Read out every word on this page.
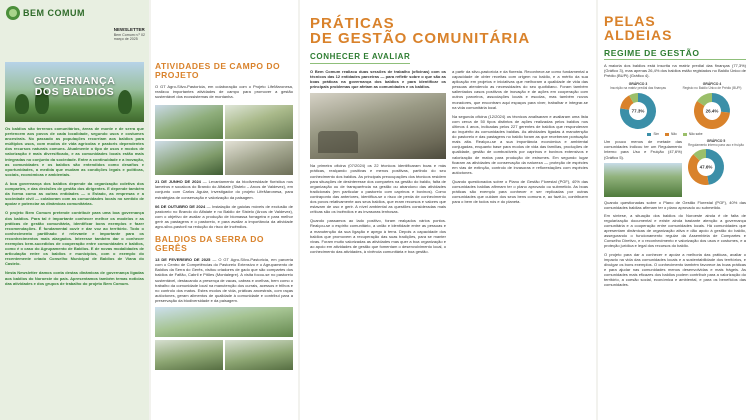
BEM COMUM
NEWSLETTER
Bem Comum n.º 02
março de 2025
GOVERNANÇA
DOS BALDIOS

Os baldios são terrenos comunitários, áreas de monte e de serra que pertencem aos povos de cada localidade, segundo usos e costumes ancestrais. No passado as populações recorriam aos baldios para múltiplos usos, com modos de vida agrícolas e pastoris dependentes dos recursos naturais comuns. Atualmente o tipo de usos e modos de valorização é mais diversificado, e as comunidades locais estão mais integradas no conjunto da sociedade. Entre a continuidade e a inovação, as comunidades e os baldios são entendidos como desafios e oportunidades, a medida que mudam as condições legais e políticas, sociais, económicas e ambientais.

A boa governança dos baldios depende da organização coletiva dos compartes, e das decisões de gestão dos dirigentes. E depende também da forma como as outras entidades — o Estado, as empresas e a sociedade civil — colaboram com as comunidades locais no sentido de apoiar e potenciar as dinâmicas comunitárias.

O projeto Bem Comum pretende contribuir para uma boa governança dos baldios. Para tal é importante conhecer melhor os modelos e as práticas de gestão comunitária, identificar bons exemplos e fazer recomendações. É fundamental ouvir e dar voz ao território. Todo o conhecimento partilhado é relevante e importante para os reconhecimentos mais alargados. Interesse também dar o conhecer exemplos bem-sucedidos de cooperação entre comunidades e baldios, como é o caso do Agrupamento de Baldios. E de novas modalidades de articulação entre os baldios e municípios, com o exemplo do recentemente criado Conselho Municipal de Baldios de Viana do Castelo.

Nesta Newsletter damos conta destas dinâmicas de governança ligadas aos baldios do Noroeste do país. Apresentamos também temas noticias das atividades e dos grupos de trabalho do projeto Bem Comum.

ATIVIDADES DE CAMPO DO PROJETO

O GT Agro-Silvo-Pastoricia, em colaboração com o Projeto LifeMaronesa, realizou importantes atividades de campo para promover a gestão sustentável dos ecossistemas de montanha.

21 DE JUNHO DE 2024 — Levantamento da biodiversidade florística nos lameiros e socalcos do Brando do Alfaiate (Sistelo – Arcos de Valdevez), em conjunto com Carlos Aguiar, investigador do projeto LifeMaronesa, para estratégias de conservação e valorização da paisagem.

06 DE OUTUBRO DE 2024 — Instalação de gaiolas móveis de exclusão de pastoreio no Brando do Alfaiate e no Baldio de Sistelo (Arcos de Valdevez), com o objetivo de avaliar a produção de biomassa forrageira e para melhor gerir as pastagens e o pastoreio, e para avaliar a importância da atividade agro-silvo-pastoril na redução do risco de incêndios.

BALDIOS DA SERRA DO GERÊS

13 DE FEVEREIRO DE 2025 — O GT Agro-Silvo-Pastoricia, em parceria com o Centro de Competências do Pastoreio Extensivo e o Agrupamento de Baldios da Serra do Gerês, visitou criadores de gado que são compartes dos baldios de Fafião, Cabril e Pitões (Montalegre). A visita focou-se no pastoreio sustentável, destacando a presença de vacas, cabras e ovelhas, bem como o trabalho da comunidade local na manutenção dos currais, acessos e trilhos e no controlo dos matos. Estes modos de vida, práticas ancestrais, com raças autóctones, geram alimentos de qualidade à comunidade e contribui para a preservação da biodiversidade e da paisagem.

PRÁTICAS
DE GESTÃO COMUNITÁRIA
CONHECER E AVALIAR

O Bem Comum realizou duas sessões de trabalho (oficinas) com os técnicos das 12 entidades parceiras — para refletir sobre o que são as boas práticas na governança dos baldios e para identificar os principais problemas que afetam as comunidades e os baldios.

Na primeira oficina (07/2024) os 22 técnicos identificaram boas e más práticas, realçando positivas e menos positivas, partindo do seu conhecimento dos baldios. As principais preocupações dos técnicos residem para situações de desinteresse dos compartes na gestão do baldio, falta de organização ou de transparência na gestão ou abandono das atividades tradicionais (em particular o pastoreio com caprinos e bovinos). Como contraponto das anteriores, identifica-se o risco de perda de conhecimento dos povos relativamente aos seus baldios, que eram recursos e valores que estavam de uso e gerir. A nível ambiental as questões consideradas mais críticas são os incêndios e as invasoras lenhosas.

Quando passamos ao lado positivo, foram realçados vários pontos. Realçou-se o espírito comunitário, a união e identidade entre as pessoas e a manutenção da sua ligação e apego à terra. Depois a capacidade dos baldios que promovem a recuperação das suas tradições, para se manter vivas. Foram muito valorizadas as atividades mas quer a boa organização e ao apoio em atividades de gestão que fomentam o desenvolvimento local, o conhecimento das atividades, à vivência comunitária e boa gestão.

a partir da silvo-pastorícia e da floresta. Reconhece-se como fundamental a capacidade de obter receitas com origem no baldio, e a mérito da sua aplicação em projetos e iniciativas que melhoram a qualidade de vida das pessoas atendendo as necessidades do seu quotidiano. Foram também salientados casos positivos de inovação e de ações em cooperação com outros parceiros, associações locais e escolas, mas também novos moradores, que encontram aqui espaços para viver, trabalhar e integrar-se na vida comunitária local.

Na segunda oficina (12/2024) os técnicos analisaram e avaliaram uma lista com cerca de 50 tipos distintos de ações realizadas pelos baldios nos últimos 4 anos, indicadas pelos 227 gerentes de baldios que responderam ao inquérito às comunidades baldias. As atividades ligadas à manutenção do pastoreio e das pastagens no baldio foram as que receberam pontuação mais alta. Realçou-se a sua importância económica e ambiental conjugadas, enquanto base para modos de vida das famílias, produções de qualidade, gestão de combustíveis por caprinos e bovinos extensivos e valorização de matos para produção de estrumes. Em segundo lugar ficaram as atividades de conservação da natureza — proteção de espécies em vias de extinção, controlo de invasoras e reflorestações com espécies autóctones.

Quando questionados sobre o Plano de Gestão Florestal (PGF), 40% das comunidades baldias afirmam ter o plano aprovado ou submetido. As boas práticas são exemplo para conhecer e ser replicadas por outras comunidades que cuidam dos seus bens comuns e, ao fazê-lo, contribuem para o bem de todos nós e do planeta.

PELAS
ALDEIAS
REGIME DE GESTÃO

A maioria dos baldios está inscrita na matriz predial das finanças (77,3%) (Gráfico 3), mas apenas 26,4% dos baldios estão registados no Baldio Único de Prédio (BUPi) (Gráfico 4).

GRÁFICO 3
Inscrição na matriz predial das finanças
77.3%
GRÁFICO 4
Registo no Baldio Único de Prédio (BUPi)
26.4%
Sim	Não	Não sabe

Um pouco menos de metade das comunidades indicou ter um Regulamento Interno para Uso e Fruição (47,6%) (Gráfico 5).

GRÁFICO 5
Regulamento interno para uso e fruição
47.6%

Quando questionadas sobre o Plano de Gestão Florestal (PGF), 40% das comunidades baldias afirmam ter o plano aprovado ou submetido.

Em síntese, a situação dos baldios do Noroeste ainda é de falta de regularização documental e existe ainda bastante atenção a governança comunitária e a cooperação entre comunidades locais. Há comunidades que apresentam dinâmicas de organização ativa e dão apoio à gestão do baldio, assegurando o funcionamento regular da Assembleia de Compartes e Conselho Diretivo, e o reconhecimento e valorização dos usos e costumes, e a proteção jurídica e legal dos recursos do baldio.

O projeto para dar a conhecer e apoiar a melhoria das práticas, avaliar o impacto na vida das comunidades locais e a sustentabilidade dos territórios, e divulgar os bons exemplos. O conhecimento também favorece às boas práticas e para ajudar nas comunidades menos desenvolvidas e mais frágeis. As comunidades mais eficazes dos baldios podem contribuir para a valorização do território, a coesão social, económica e ambiental, e para os benefícios das comunidades.
